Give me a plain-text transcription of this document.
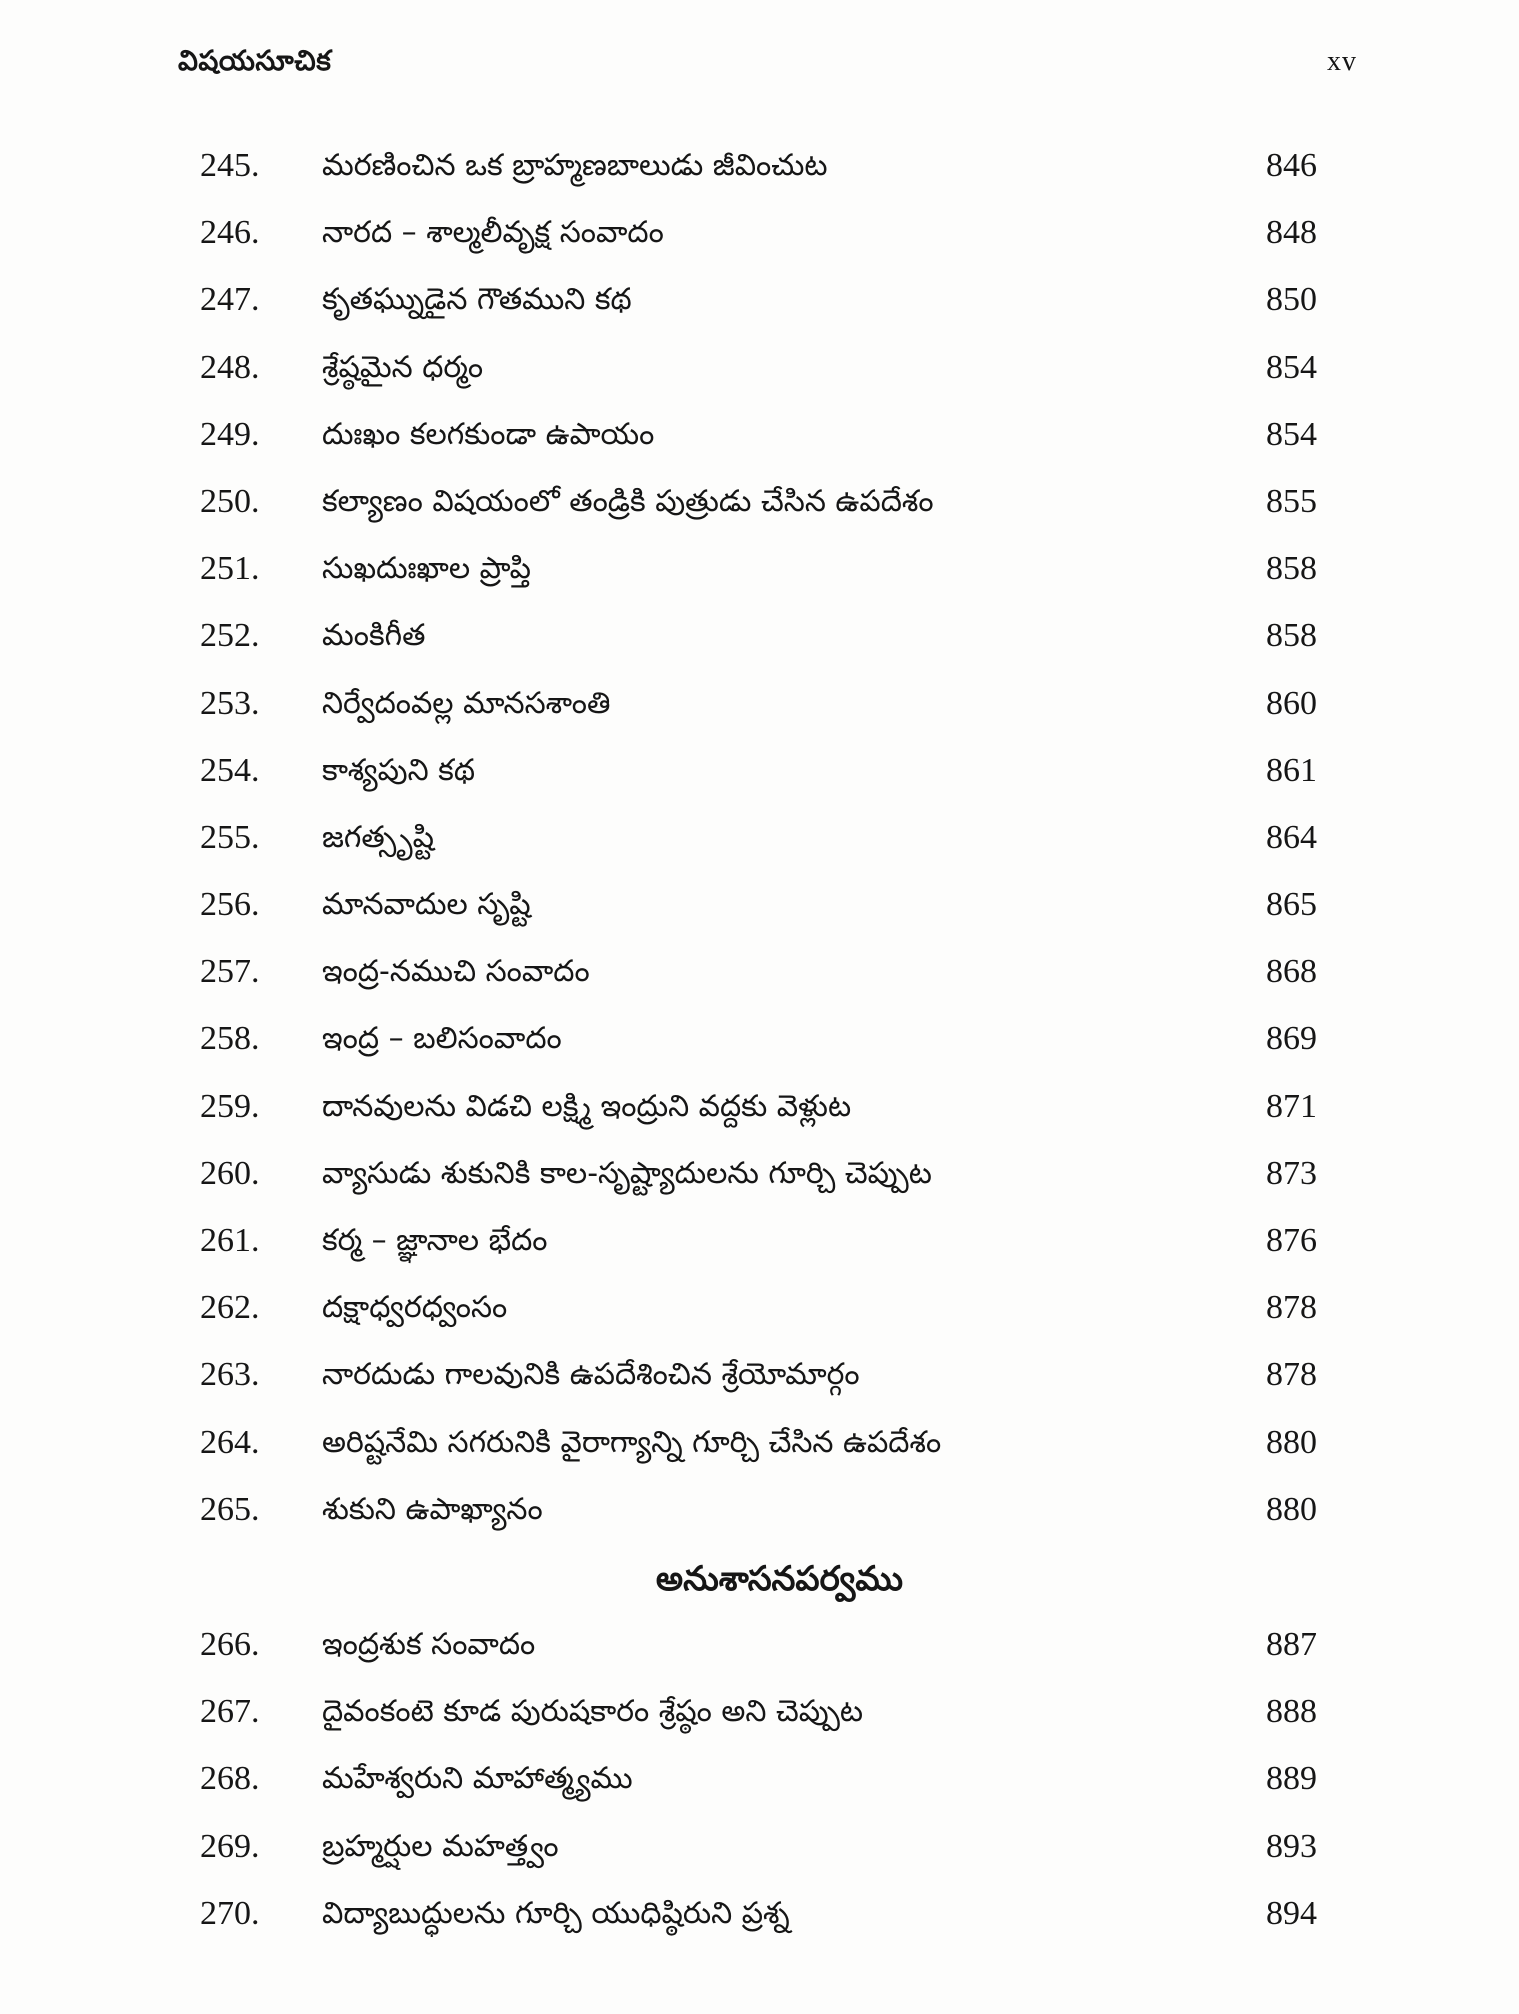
విషయసూచిక	xv
245. మరణించిన ఒక బ్రాహ్మణబాలుడు జీవించుట	846
246. నారద – శాల్మలీవృక్ష సంవాదం	848
247. కృతఘ్నుడైన గౌతముని కథ	850
248. శ్రేష్ఠమైన ధర్మం	854
249. దుఃఖం కలగకుండా ఉపాయం	854
250. కల్యాణం విషయంలో తండ్రికి పుత్రుడు చేసిన ఉపదేశం	855
251. సుఖదుఃఖాల ప్రాప్తి	858
252. మంకిగీత	858
253. నిర్వేదంవల్ల మానసశాంతి	860
254. కాశ్యపుని కథ	861
255. జగత్సృష్టి	864
256. మానవాదుల సృష్టి	865
257. ఇంద్ర-నముచి సంవాదం	868
258. ఇంద్ర – బలిసంవాదం	869
259. దానవులను విడచి లక్ష్మి ఇంద్రుని వద్దకు వెళ్లుట	871
260. వ్యాసుడు శుకునికి కాల-సృష్ట్యాదులను గూర్చి చెప్పుట	873
261. కర్మ – జ్ఞానాల భేదం	876
262. దక్షాధ్వరధ్వంసం	878
263. నారదుడు గాలవునికి ఉపదేశించిన శ్రేయోమార్గం	878
264. అరిష్టనేమి సగరునికి వైరాగ్యాన్ని గూర్చి చేసిన ఉపదేశం	880
265. శుకుని ఉపాఖ్యానం	880
అనుశాసనపర్వము
266. ఇంద్రశుక సంవాదం	887
267. దైవంకంటె కూడ పురుషకారం శ్రేష్ఠం అని చెప్పుట	888
268. మహేశ్వరుని మాహాత్మ్యము	889
269. బ్రహ్మర్షుల మహత్త్వం	893
270. విద్యాబుద్ధులను గూర్చి యుధిష్ఠిరుని ప్రశ్న	894
